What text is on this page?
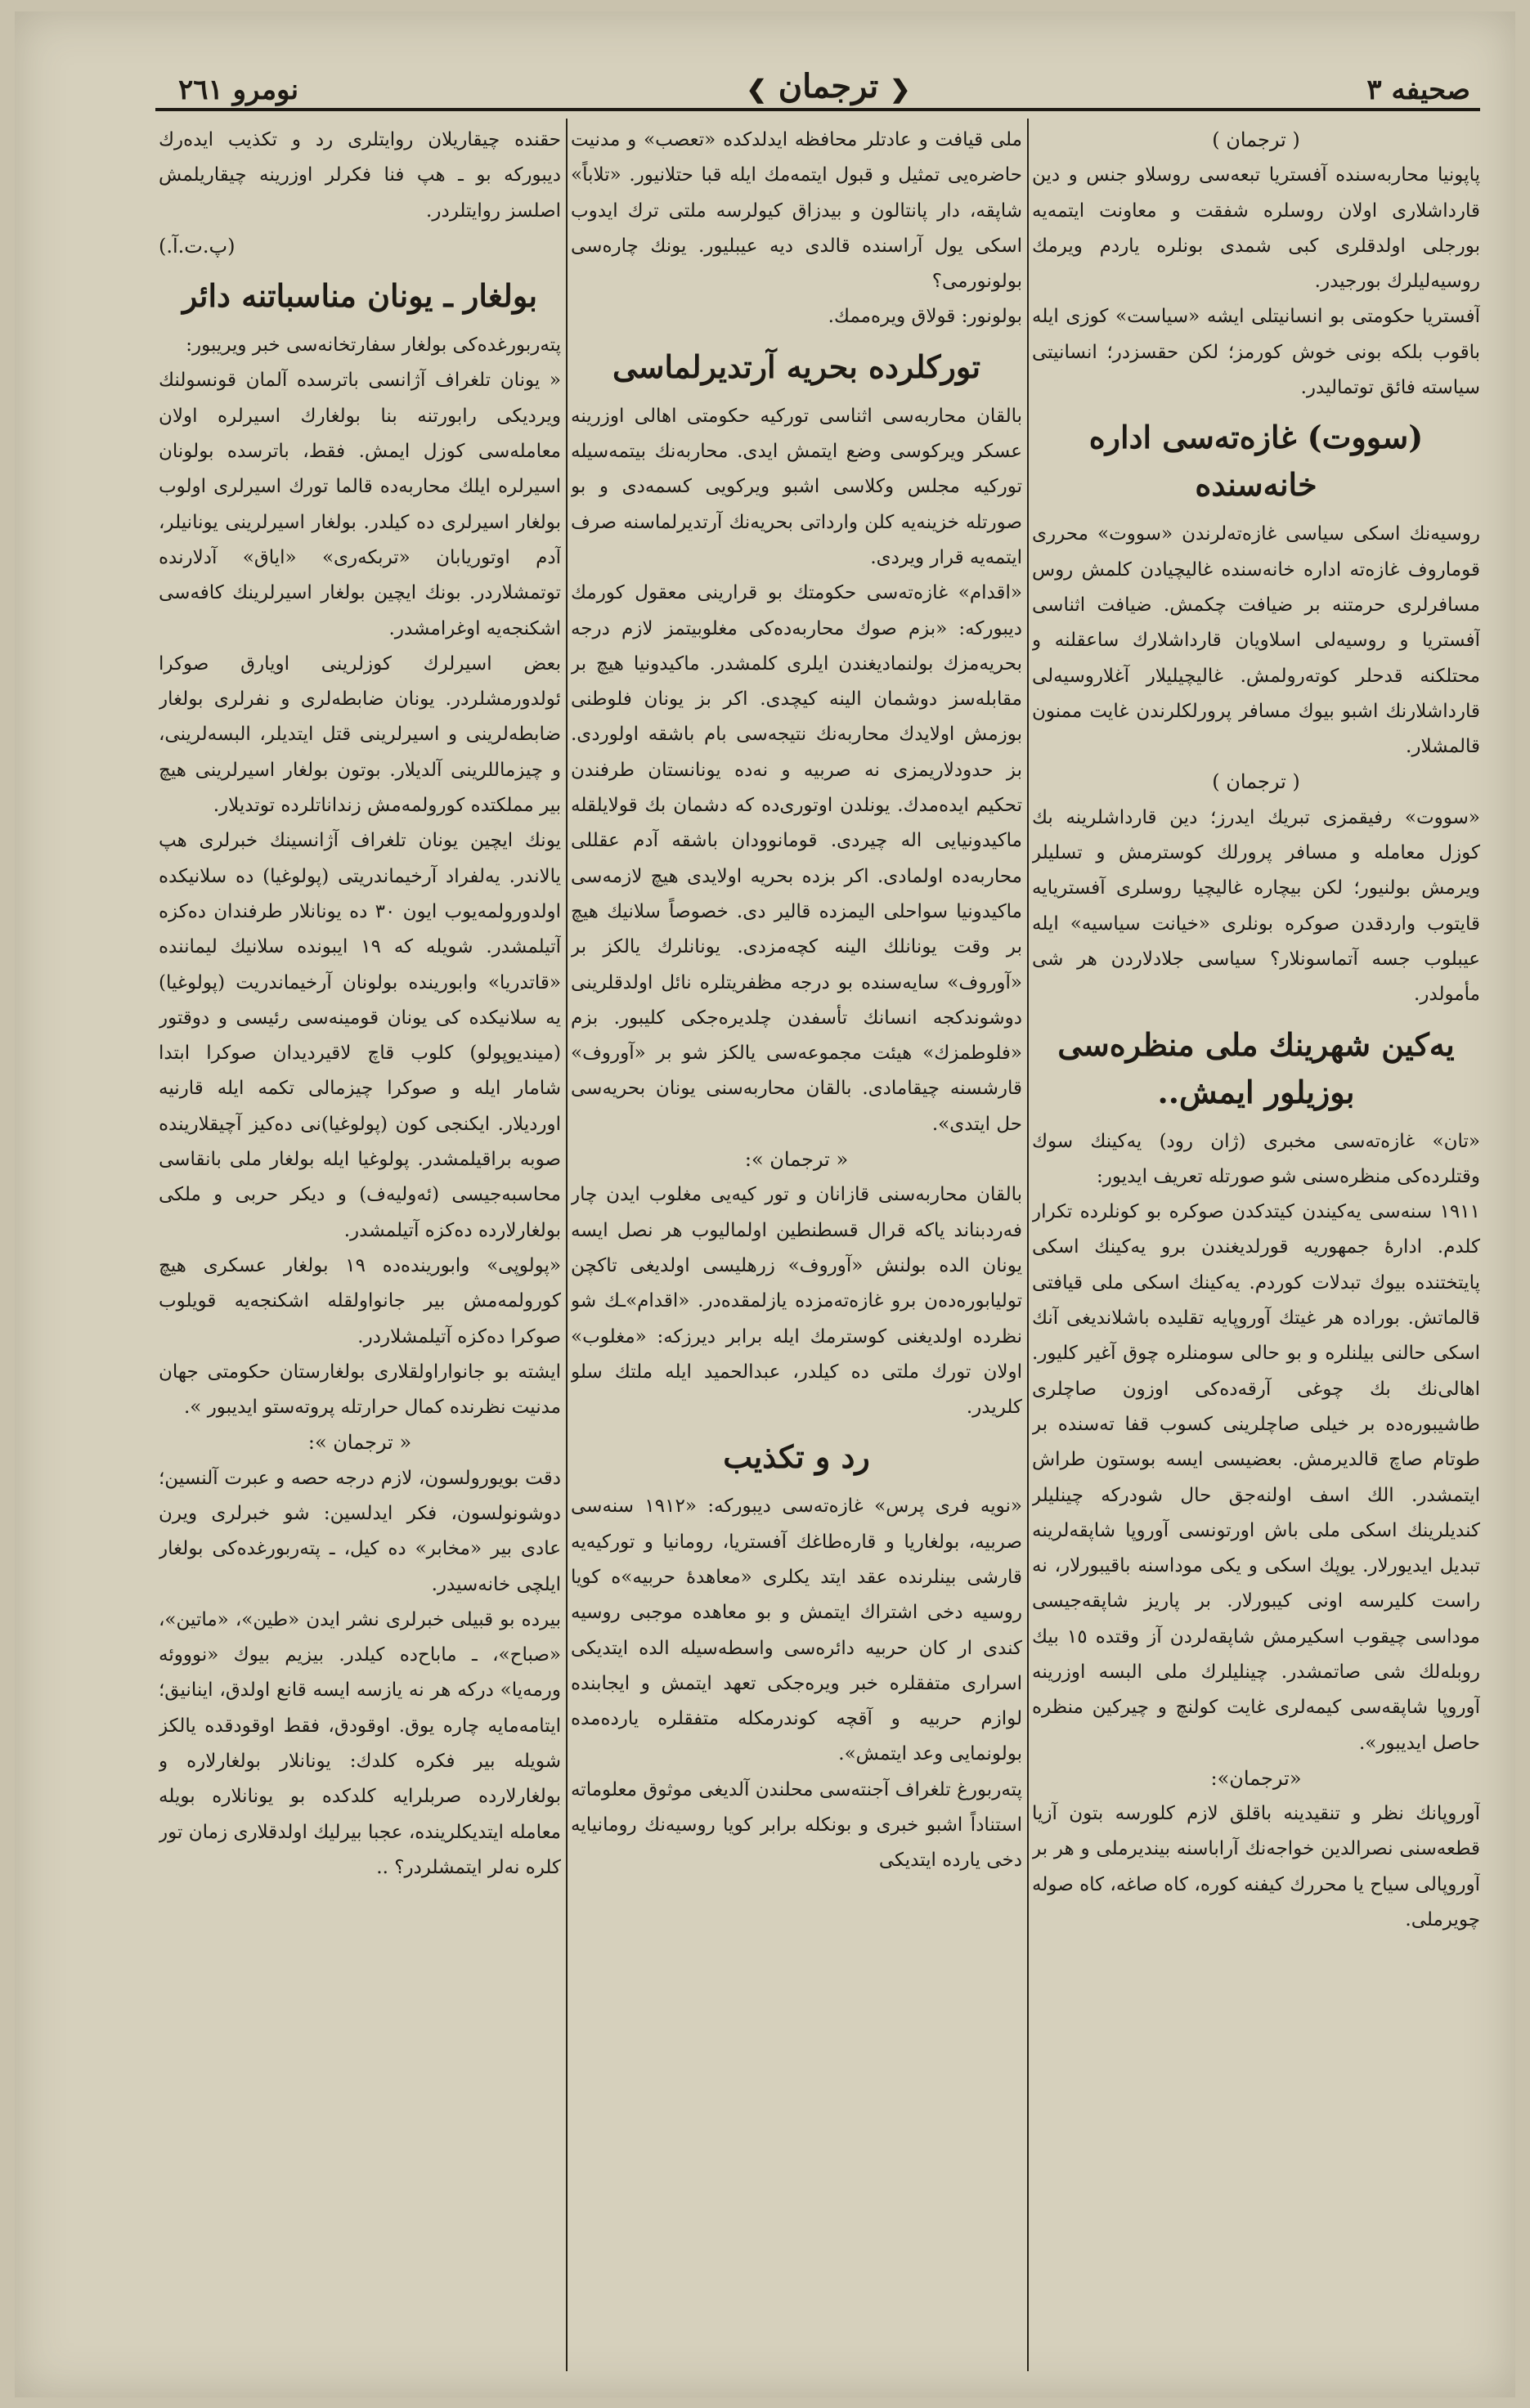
صحيفه ٣
❮ ترجمان ❯
نومرو ٢٦١

( ترجمان )

پاپونيا محاربه‌سنده آفستريا تبعه‌سی روسلاو جنس و دين قارداشلاری اولان روسلره شفقت و معاونت ايتمه‌يه بورجلی اولدقلری كبی شمدی بونلره ياردم ويرمك روسيه‌لیلرك بورجيدر.

آفستريا حكومتی بو انسانيتلی ايشه «سياست» كوزی ايله باقوب بلكه بونی خوش كورمز؛ لكن حقسزدر؛ انسانيتی سياسته فائق توتمالیدر.

(سووت) غازه‌ته‌سی اداره خانه‌سنده

روسيه‌نك اسكی سياسی غازه‌ته‌لرندن «سووت» محرری قوماروف غازه‌ته اداره خانه‌سنده غاليچيادن كلمش روس مسافرلری حرمتنه بر ضيافت چكمش. ضيافت اثناسی آفستريا و روسيه‌لی اسلاويان قارداشلارك ساعقلنه و محتلكنه قدحلر كوته‌رولمش. غاليچيليلار آغلاروسيه‌لی قارداشلارنك اشبو بيوك مسافر پرورلكلرندن غايت ممنون قالمشلار.

( ترجمان )

«سووت» رفيقمزی تبريك ايدرز؛ دين قارداشلرينه بك كوزل معامله و مسافر پرورلك كوسترمش و تسليلر ويرمش بولنيور؛ لكن بيچاره غاليچيا روسلری آفستريايه قايتوب واردقدن صوكره بونلری «خيانت سياسيه» ايله عيبلوب جسه آتماسونلار؟ سياسی جلادلاردن هر شی مأمولدر.

يه‌كين شهرينك ملی منظره‌سی بوزيلور ايمش..

«تان» غازه‌ته‌سی مخبری (ژان رود) يه‌كينك سوك وقتلرده‌كی منظره‌سنی شو صورتله تعريف ايديور:

١٩١١ سنه‌سی يه‌كيندن كيتدكدن صوكره بو كونلرده تكرار كلدم. ادارهٔ جمهوريه قورلديغندن برو يه‌كينك اسكی پايتختنده بيوك تبدلات كوردم. يه‌كينك اسكی ملی قيافتی قالماتش. بوراده هر غيتك آوروپايه تقليده باشلانديغی آنك اسكی حالنی بيلنلره و بو حالی سومنلره چوق آغير كليور. اهالی‌نك بك چوغی آرقه‌ده‌كی اوزون صاچلری طاشيبوره‌ده بر خيلی صاچلرينی كسوب قفا ته‌سنده بر طوتام صاچ قالديرمش. بعضيسی ايسه بوستون طراش ايتمشدر. الك اسف اولنه‌جق حال شودركه چينلیلر كنديلرينك اسكی ملی باش اورتونسی آوروپا شاپقه‌لرينه تبديل ايديورلار. يوپك اسكی و يكی موداسنه باقيبورلار، نه راست كليرسه اونی كيبورلار. بر پاريز شاپقه‌جيسی موداسی چيقوب اسكيرمش شاپقه‌لردن آز وقتده ١٥ بيك روبله‌لك شی صاتمشدر. چينلیلرك ملی البسه اوزرينه آوروپا شاپقه‌سی كيمه‌لری غايت كولنچ و چيركين منظره حاصل ايديبور».

«ترجمان»:

آوروپانك نظر و تنقيدينه باقلق لازم كلورسه بتون آزيا قطعه‌سنی نصرالدين خواجه‌نك آراباسنه بينديرملی و هر بر آوروپالی سياح يا محررك كيفنه كوره، كاه صاغه، كاه صوله چويرملی.

ملی قيافت و عادتلر محافظه ايدلدكده «تعصب» و مدنيت حاضره‌يی تمثيل و قبول ايتمه‌مك ايله قبا حتلانيور. «تلاباً» شاپقه، دار پانتالون و بيدزاق كيولرسه ملتی ترك ايدوب اسكی يول آراسنده قالدی ديه عيبليور. يونك چاره‌سی بولونورمی؟

بولونور: قولاق ويره‌ممك.

توركلرده بحریه آرتديرلماسی

بالقان محاربه‌سی اثناسی توركيه حكومتی اهالی اوزرينه عسكر ويركوسی وضع ايتمش ايدی. محاربه‌نك بيتمه‌سيله توركيه مجلس وكلاسی اشبو ويركويی كسمه‌دی و بو صورتله خزينه‌يه كلن وارداتی بحريه‌نك آرتديرلماسنه صرف ايتمه‌يه قرار ويردی.

«اقدام» غازه‌ته‌سی حكومتك بو قرارينی معقول كورمك ديبوركه: «بزم صوك محاربه‌ده‌كی مغلوبيتمز لازم درجه بحريه‌مزك بولنماديغندن ايلری كلمشدر. ماكيدونيا هيچ بر مقابله‌سز دوشمان الينه كيچدی. اكر بز يونان فلوطنی بوزمش اولايدك محاربه‌نك نتيجه‌سی بام باشقه اولوردی. بز حدودلاريمزی نه صربيه و نه‌ده يونانستان طرفندن تحكيم ايده‌مدك. يونلدن اوتوری‌ده كه دشمان بك قولايلقله ماكيدونيايی اله چيردی. قومانوودان باشقه آدم عقللی محاربه‌ده اولمادی. اكر بزده بحريه اولايدی هيچ لازمه‌سی ماكيدونيا سواحلی اليمزده قالير دی. خصوصاً سلانيك هيچ بر وقت يونانلك الينه كچه‌مزدی. يونانلرك يالكز بر «آوروف» سايه‌سنده بو درجه مظفريتلره نائل اولدقلرينی دوشوندكجه انسانك تأسفدن چلديره‌جكی كليبور. بزم «فلوطمزك» هيئت مجموعه‌سی يالكز شو بر «آوروف» قارشسنه چيقامادی. بالقان محاربه‌سنی يونان بحريه‌سی حل ايتدی».

« ترجمان »:

بالقان محاربه‌سنی قازانان و تور كيه‌يی مغلوب ايدن چار فه‌ردبناند ياكه قرال قسطنطين اولماليوب هر نصل ايسه يونان الده بولنش «آوروف» زرهليسی اولديغی تاكچن توليابوره‌ده‌ن برو غازه‌ته‌مزده يازلمقده‌در. «اقدام»ـك شو نظرده اولديغنی كوسترمك ايله برابر ديرزكه: «مغلوب» اولان تورك ملتی ده كيلدر، عبدالحميد ايله ملتك سلو كلريدر.

رد و تكذيب

«نويه فری پرس» غازه‌ته‌سی ديبوركه: «١٩١٢ سنه‌سی صربيه، بولغاريا و قاره‌طاغك آفستريا، رومانيا و توركيه‌يه قارشی بينلرنده عقد ايتد يكلری «معاهدهٔ حربيه»ه كويا روسيه دخی اشتراك ايتمش و بو معاهده موجبی روسيه كندی ار كان حربيه دائره‌سی واسطه‌سيله الده ايتديكی اسراری متفقلره خبر ويره‌جكی تعهد ايتمش و ايجابنده لوازم حربيه و آقچه كوندرمكله متفقلره يارده‌مده بولونمايی وعد ايتمش».

پته‌ربورغ تلغراف آجنته‌سی محلندن آلديغی موثوق معلوماته استناداً اشبو خبری و بونكله برابر كويا روسيه‌نك رومانيايه دخی يارده ايتديكی

حقنده چيقاريلان روايتلری رد و تكذيب ايده‌رك ديبوركه بو ـ هپ فنا فكرلر اوزرينه چيقاريلمش اصلسز روايتلردر.

(پ.ت.آ.)

بولغار ـ يونان مناسباتنه دائر

پته‌ربورغده‌كی بولغار سفارتخانه‌سی خبر ويريبور:

« يونان تلغراف آژانسی باترسده آلمان قونسولنك ويرديكی رابورتنه بنا بولغارك اسيرلره اولان معامله‌سی كوزل ايمش. فقط، باترسده بولونان اسيرلره ايلك محاربه‌ده قالما تورك اسيرلری اولوب بولغار اسيرلری ده كيلدر. بولغار اسيرلرينی يونانيلر، آدم اوتوريابان «تربكه‌ری» «اياق» آدلارنده توتمشلاردر. بونك ايچين بولغار اسيرلرينك كافه‌سی اشكنجه‌يه اوغرامشدر.

بعض اسيرلرك كوزلرينی اويارق صوكرا ئولدورمشلردر. يونان ضابطه‌لری و نفرلری بولغار ضابطه‌لرينی و اسيرلرينی قتل ايتديلر، البسه‌لرينی، و چيزماللرينی آلديلار. بوتون بولغار اسيرلرينی هيچ بير مملكتده كورولمه‌مش زنداناتلرده توتديلار.

يونك ايچين يونان تلغراف آژانسينك خبرلری هپ يالاندر. يه‌لفراد آرخيماندريتی (پولوغيا) ده سلانيكده اولدورولمه‌يوب ايون ٣٠ ده يونانلار طرفندان ده‌كزه آتيلمشدر. شويله كه ١٩ ايبونده سلانيك ليماننده «قاتدريا» وابورينده بولونان آرخيماندريت (پولوغيا) يه سلانيكده كی يونان قومينه‌سی رئيسی و دوقتور (مينديوپولو) كلوب قاچ لاقيرديدان صوكرا ابتدا شامار ايله و صوكرا چيزمالی تكمه ايله قارنيه اورديلار. ايكنجی كون (پولوغيا)نی ده‌كيز آچيقلارينده صوبه براقيلمشدر. پولوغيا ايله بولغار ملی بانقاسی محاسبه‌جيسی (ئه‌وليه‌ف) و ديكر حربی و ملكی بولغارلارده ده‌كزه آتيلمشدر.

«پولوپی» وابورينده‌ده ١٩ بولغار عسكری هيچ كورولمه‌مش بير جانواولقله اشكنجه‌يه قويلوب صوكرا ده‌كزه آتيلمشلاردر.

ايشته بو جانواراولقلاری بولغارستان حكومتی جهان مدنيت نظرنده كمال حرارتله پروته‌ستو ايديبور ».

« ترجمان »:

دقت بويورولسون، لازم درجه حصه و عبرت آلنسين؛ دوشونولسون، فكر ايدلسين: شو خبرلری ويرن عادی بير «مخابر» ده كيل، ـ پته‌ربورغده‌كی بولغار ايلچی خانه‌سيدر.

بيرده بو قبيلی خبرلری نشر ايدن «طين»، «ماتين»، «صباح»، ـ ماباح‌ده كيلدر. بيزيم بيوك «نوووئه ورمه‌يا» دركه هر نه يازسه ايسه قانع اولدق، اينانيق؛ ايتامه‌مايه چاره يوق. اوقودق، فقط اوقودقده يالكز شويله بير فكره كلدك: يونانلار بولغارلاره و بولغارلارده صربلرايه كلدكده بو يونانلاره بويله معامله ايتديكلرينده، عجبا بيرليك اولدقلاری زمان تور كلره نه‌لر ايتمشلردر؟ ..
